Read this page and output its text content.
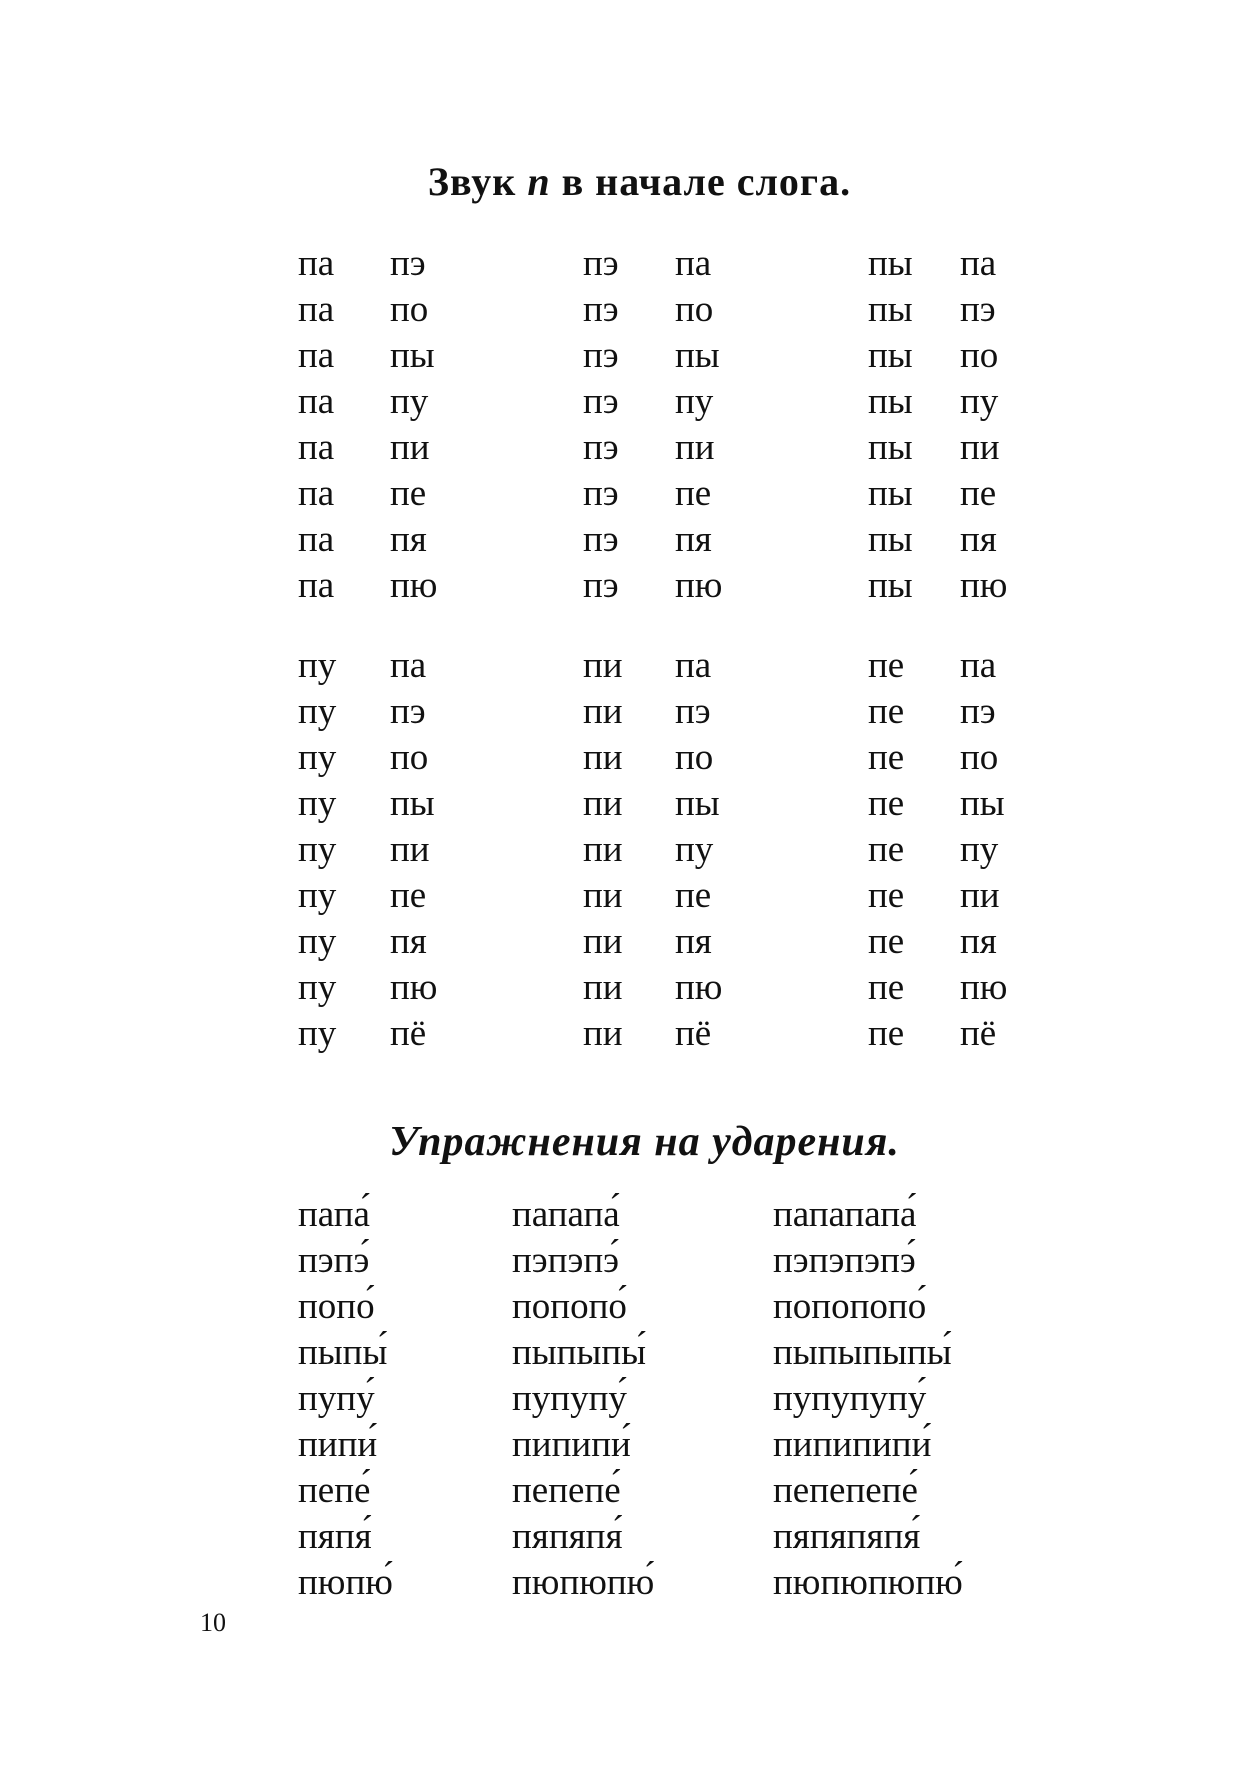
Звук п в начале слога.
па пэ
па по
па пы
па пу
па пи
па пе
па пя
па пю
пэ па
пэ по
пэ пы
пэ пу
пэ пи
пэ пе
пэ пя
пэ пю
пы па
пы пэ
пы по
пы пу
пы пи
пы пе
пы пя
пы пю
пу па
пу пэ
пу по
пу пы
пу пи
пу пе
пу пя
пу пю
пу пё
пи па
пи пэ
пи по
пи пы
пи пу
пи пе
пи пя
пи пю
пи пё
пе па
пе пэ
пе по
пе пы
пе пу
пе пи
пе пя
пе пю
пе пё
Упражнения на ударения.
папа́
пэпэ́
попо́
пыпы́
пупу́
пипи́
пепе́
пяпя́
пюпю́
папапа́
пэпэпэ́
попопо́
пыпыпы́
пупупу́
пипипи́
пепепе́
пяпяпя́
пюпюпю́
папапапа́
пэпэпэпэ́
попопопо́
пыпыпыпы́
пупупупу́
пипипипи́
пепепепе́
пяпяпяпя́
пюпюпюпю́
10
